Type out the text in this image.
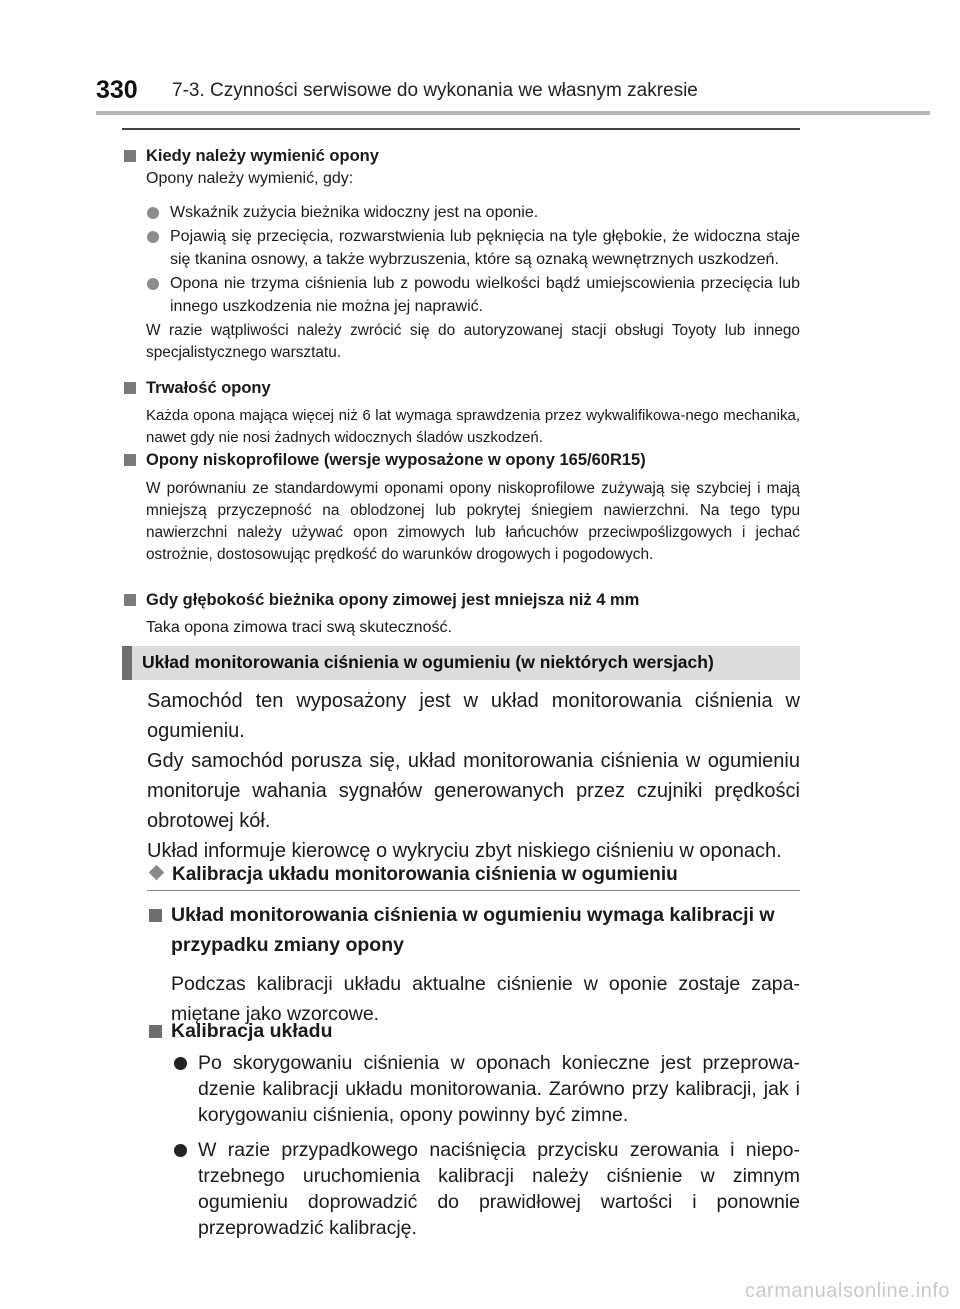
330 7-3. Czynności serwisowe do wykonania we własnym zakresie
Kiedy należy wymienić opony
Opony należy wymienić, gdy:
Wskaźnik zużycia bieżnika widoczny jest na oponie.
Pojawią się przecięcia, rozwarstwienia lub pęknięcia na tyle głębokie, że widoczna staje się tkanina osnowy, a także wybrzuszenia, które są oznaką wewnętrznych uszkodzeń.
Opona nie trzyma ciśnienia lub z powodu wielkości bądź umiejscowienia przecięcia lub innego uszkodzenia nie można jej naprawić.
W razie wątpliwości należy zwrócić się do autoryzowanej stacji obsługi Toyoty lub innego specjalistycznego warsztatu.
Trwałość opony
Każda opona mająca więcej niż 6 lat wymaga sprawdzenia przez wykwalifikowa-nego mechanika, nawet gdy nie nosi żadnych widocznych śladów uszkodzeń.
Opony niskoprofilowe (wersje wyposażone w opony 165/60R15)
W porównaniu ze standardowymi oponami opony niskoprofilowe zużywają się szybciej i mają mniejszą przyczepność na oblodzonej lub pokrytej śniegiem nawierzchni. Na tego typu nawierzchni należy używać opon zimowych lub łańcuchów przeciwpoślizgowych i jechać ostrożnie, dostosowując prędkość do warunków drogowych i pogodowych.
Gdy głębokość bieżnika opony zimowej jest mniejsza niż 4 mm
Taka opona zimowa traci swą skuteczność.
Układ monitorowania ciśnienia w ogumieniu (w niektórych wersjach)
Samochód ten wyposażony jest w układ monitorowania ciśnienia w ogumieniu.
Gdy samochód porusza się, układ monitorowania ciśnienia w ogumieniu monitoruje wahania sygnałów generowanych przez czujniki prędkości obrotowej kół.
Układ informuje kierowcę o wykryciu zbyt niskiego ciśnieniu w oponach.
Kalibracja układu monitorowania ciśnienia w ogumieniu
Układ monitorowania ciśnienia w ogumieniu wymaga kalibracji w przypadku zmiany opony
Podczas kalibracji układu aktualne ciśnienie w oponie zostaje zapa-miętane jako wzorcowe.
Kalibracja układu
Po skorygowaniu ciśnienia w oponach konieczne jest przeprowa-dzenie kalibracji układu monitorowania. Zarówno przy kalibracji, jak i korygowaniu ciśnienia, opony powinny być zimne.
W razie przypadkowego naciśnięcia przycisku zerowania i niepo-trzebnego uruchomienia kalibracji należy ciśnienie w zimnym ogumieniu doprowadzić do prawidłowej wartości i ponownie przeprowadzić kalibrację.
carmanualsonline.info
